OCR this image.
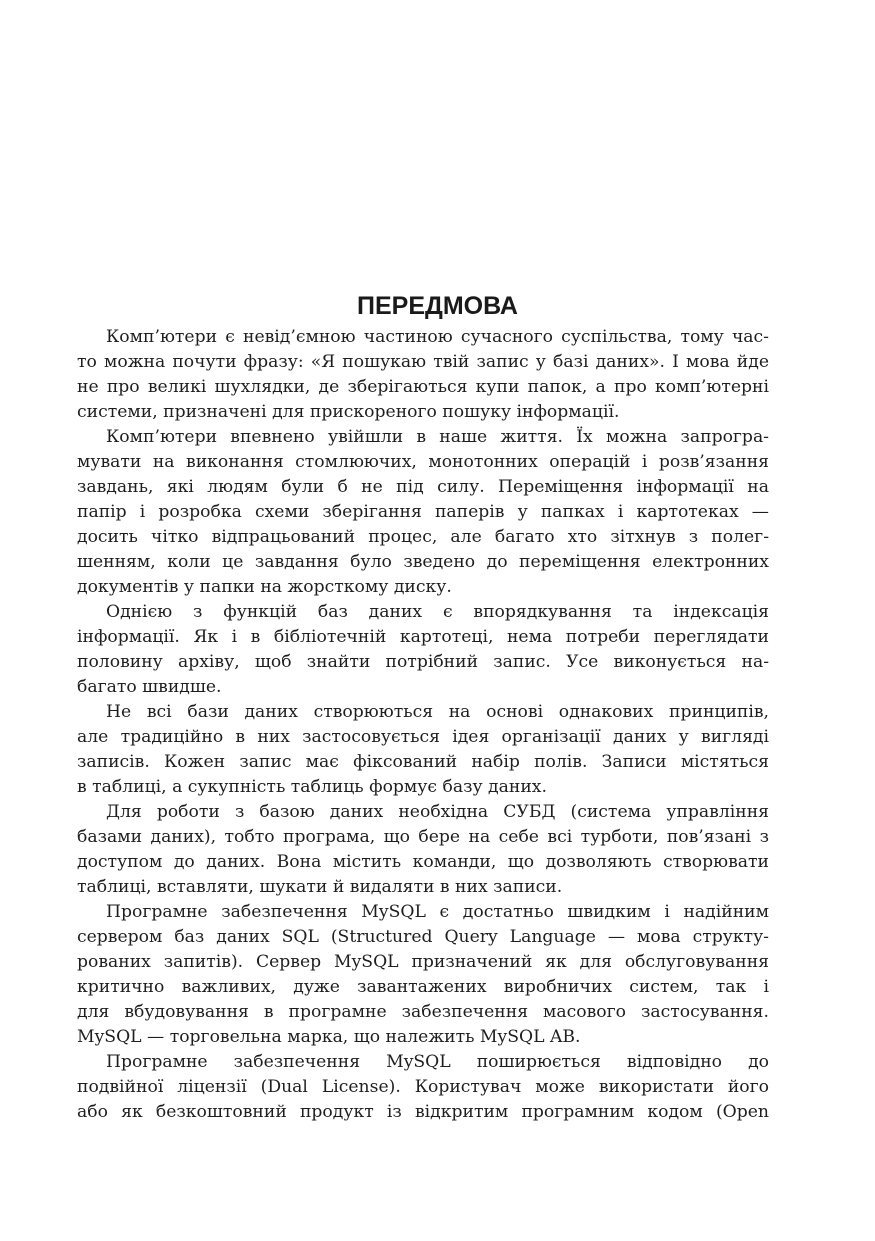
ПЕРЕДМОВА
Комп’ютери є невід’ємною частиною сучасного суспільства, тому час-
то можна почути фразу: «Я пошукаю твій запис у базі даних». І мова йде
не про великі шухлядки, де зберігаються купи папок, а про комп’ютерні
системи, призначені для прискореного пошуку інформації.
Комп’ютери впевнено увійшли в наше життя. Їх можна запрогра-
мувати на виконання стомлюючих, монотонних операцій і розв’язання
завдань, які людям були б не під силу. Переміщення інформації на
папір і розробка схеми зберігання паперів у папках і картотеках —
досить чітко відпрацьований процес, але багато хто зітхнув з полег-
шенням, коли це завдання було зведено до переміщення електронних
документів у папки на жорсткому диску.
Однією з функцій баз даних є впорядкування та індексація
інформації. Як і в бібліотечній картотеці, нема потреби переглядати
половину архіву, щоб знайти потрібний запис. Усе виконується на-
багато швидше.
Не всі бази даних створюються на основі однакових принципів,
але традиційно в них застосовується ідея організації даних у вигляді
записів. Кожен запис має фіксований набір полів. Записи містяться
в таблиці, а сукупність таблиць формує базу даних.
Для роботи з базою даних необхідна СУБД (система управління
базами даних), тобто програма, що бере на себе всі турботи, пов’язані з
доступом до даних. Вона містить команди, що дозволяють створювати
таблиці, вставляти, шукати й видаляти в них записи.
Програмне забезпечення MySQL є достатньо швидким і надійним
сервером баз даних SQL (Structured Query Language — мова структу-
рованих запитів). Сервер MySQL призначений як для обслуговування
критично важливих, дуже завантажених виробничих систем, так і
для вбудовування в програмне забезпечення масового застосування.
MySQL — торговельна марка, що належить MySQL AB.
Програмне забезпечення MySQL поширюється відповідно до
подвійної ліцензії (Dual License). Користувач може використати його
або як безкоштовний продукт із відкритим програмним кодом (Open
